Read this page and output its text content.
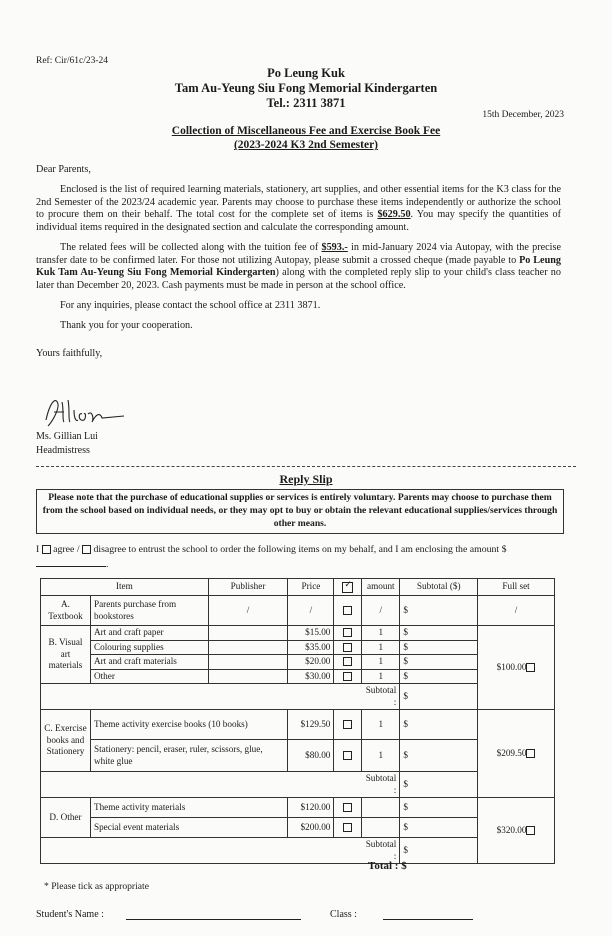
Ref: Cir/61c/23-24
Po Leung Kuk
Tam Au-Yeung Siu Fong Memorial Kindergarten
Tel.: 2311 3871
15th December, 2023
Collection of Miscellaneous Fee and Exercise Book Fee
(2023-2024 K3 2nd Semester)

Dear Parents,

Enclosed is the list of required learning materials, stationery, art supplies, and other essential items for the K3 class for the 2nd Semester of the 2023/24 academic year. Parents may choose to purchase these items independently or authorize the school to procure them on their behalf. The total cost for the complete set of items is $629.50. You may specify the quantities of individual items required in the designated section and calculate the corresponding amount.

The related fees will be collected along with the tuition fee of $593.- in mid-January 2024 via Autopay, with the precise transfer date to be confirmed later. For those not utilizing Autopay, please submit a crossed cheque (made payable to Po Leung Kuk Tam Au-Yeung Siu Fong Memorial Kindergarten) along with the completed reply slip to your child's class teacher no later than December 20, 2023. Cash payments must be made in person at the school office.

For any inquiries, please contact the school office at 2311 3871.

Thank you for your cooperation.

Yours faithfully,

Ms. Gillian Lui
Headmistress
Reply Slip
Please note that the purchase of educational supplies or services is entirely voluntary. Parents may choose to purchase them from the school based on individual needs, or they may opt to buy or obtain the relevant educational supplies/services through other means.
I agree / disagree to entrust the school to order the following items on my behalf, and I am enclosing the amount $.
Item		Publisher	Price	✓	amount	Subtotal ($)	Full set
A. Textbook	Parents purchase from bookstores	/	/		/	$	/
B. Visual art materials	Art and craft paper		$15.00		1	$	$100.00
	Colouring supplies		$35.00		1	$	
	Art and craft materials		$20.00		1	$	
	Other		$30.00		1	$	
					Subtotal :	$	
C. Exercise books and Stationery	Theme activity exercise books (10 books)		$129.50		1	$	$209.50
	Stationery: pencil, eraser, ruler, scissors, glue, white glue		$80.00		1	$	
					Subtotal :	$	
D. Other	Theme activity materials		$120.00			$	$320.00
	Special event materials		$200.00			$	
					Subtotal :	$	
Total : $
* Please tick as appropriate
Student's Name :	Class :
